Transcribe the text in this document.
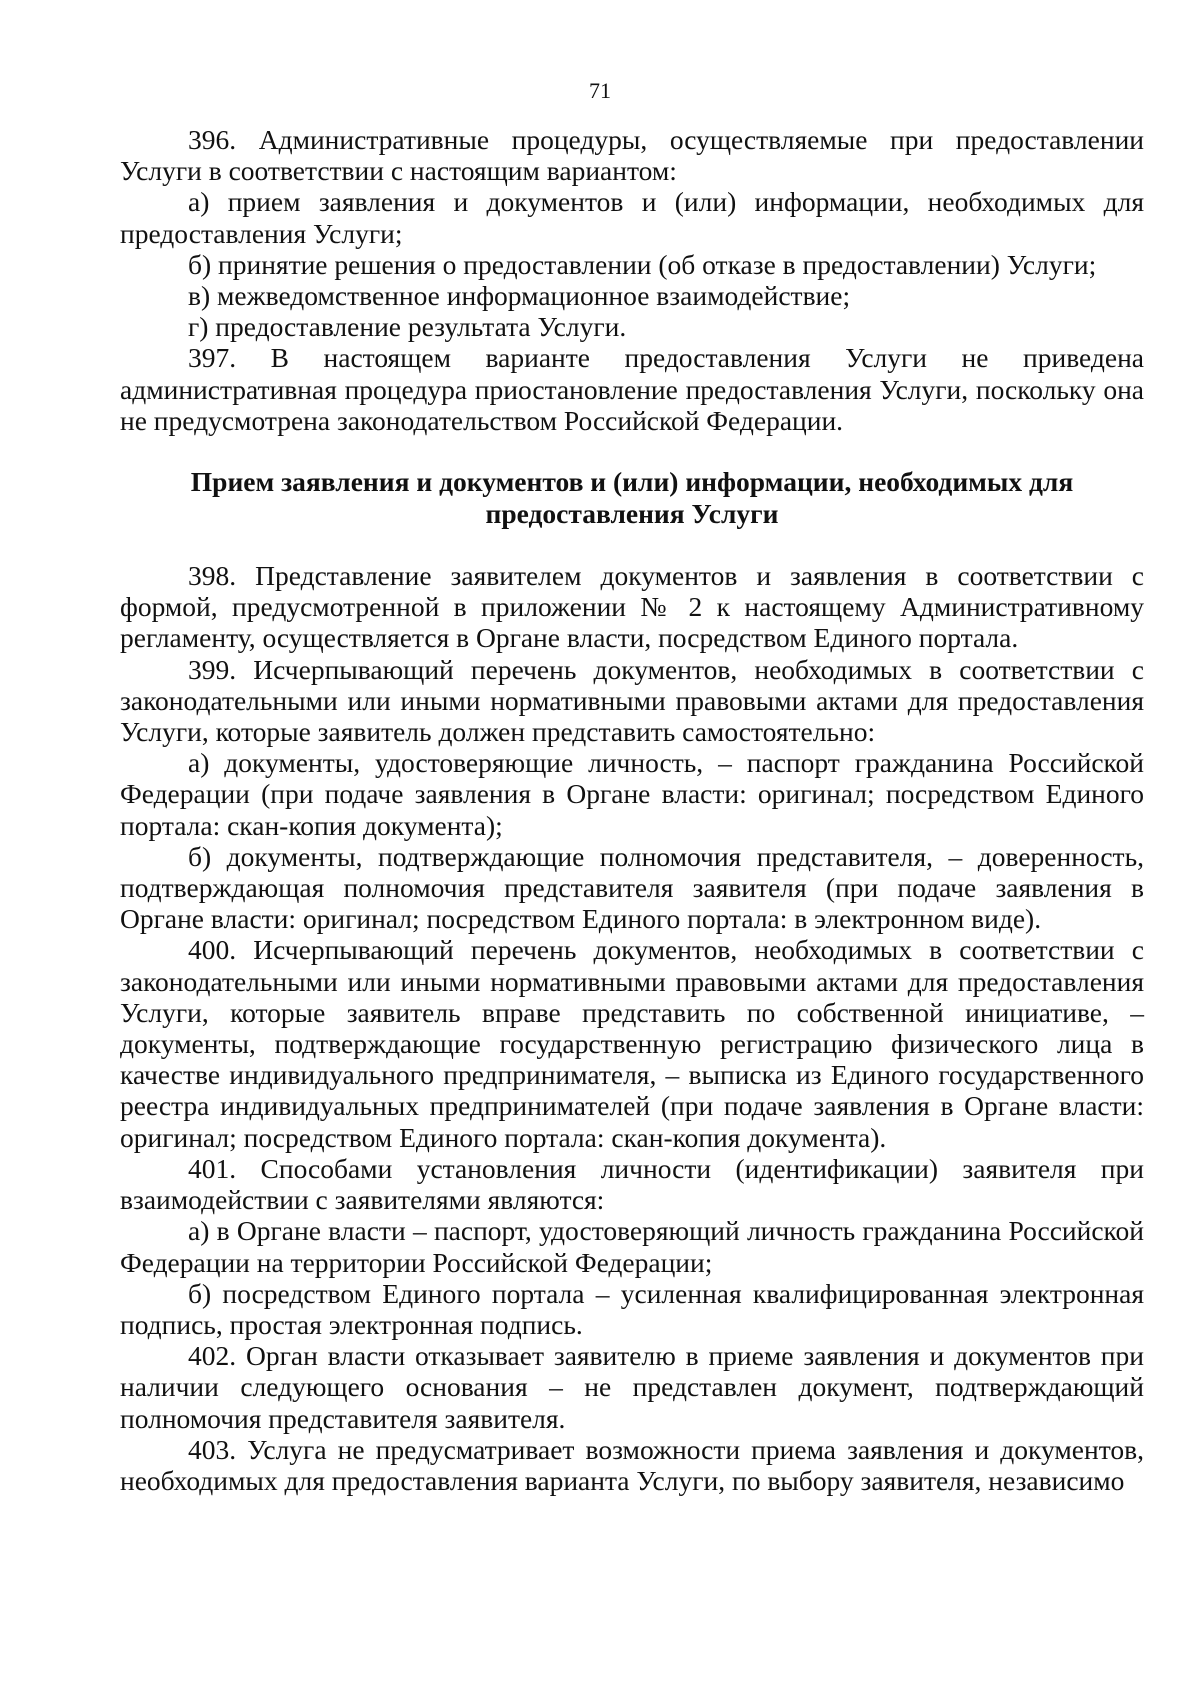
71

396. Административные процедуры, осуществляемые при предоставлении Услуги в соответствии с настоящим вариантом:

а) прием заявления и документов и (или) информации, необходимых для предоставления Услуги;

б) принятие решения о предоставлении (об отказе в предоставлении) Услуги;

в) межведомственное информационное взаимодействие;

г) предоставление результата Услуги.

397. В настоящем варианте предоставления Услуги не приведена административная процедура приостановление предоставления Услуги, поскольку она не предусмотрена законодательством Российской Федерации.

Прием заявления и документов и (или) информации, необходимых для предоставления Услуги

398. Представление заявителем документов и заявления в соответствии с формой, предусмотренной в приложении № 2 к настоящему Административному регламенту, осуществляется в Органе власти, посредством Единого портала.

399. Исчерпывающий перечень документов, необходимых в соответствии с законодательными или иными нормативными правовыми актами для предоставления Услуги, которые заявитель должен представить самостоятельно:

а) документы, удостоверяющие личность, – паспорт гражданина Российской Федерации (при подаче заявления в Органе власти: оригинал; посредством Единого портала: скан-копия документа);

б) документы, подтверждающие полномочия представителя, – доверенность, подтверждающая полномочия представителя заявителя (при подаче заявления в Органе власти: оригинал; посредством Единого портала: в электронном виде).

400. Исчерпывающий перечень документов, необходимых в соответствии с законодательными или иными нормативными правовыми актами для предоставления Услуги, которые заявитель вправе представить по собственной инициативе, – документы, подтверждающие государственную регистрацию физического лица в качестве индивидуального предпринимателя, – выписка из Единого государственного реестра индивидуальных предпринимателей (при подаче заявления в Органе власти: оригинал; посредством Единого портала: скан-копия документа).

401. Способами установления личности (идентификации) заявителя при взаимодействии с заявителями являются:

а) в Органе власти – паспорт, удостоверяющий личность гражданина Российской Федерации на территории Российской Федерации;

б) посредством Единого портала – усиленная квалифицированная электронная подпись, простая электронная подпись.

402. Орган власти отказывает заявителю в приеме заявления и документов при наличии следующего основания – не представлен документ, подтверждающий полномочия представителя заявителя.

403. Услуга не предусматривает возможности приема заявления и документов, необходимых для предоставления варианта Услуги, по выбору заявителя, независимо
